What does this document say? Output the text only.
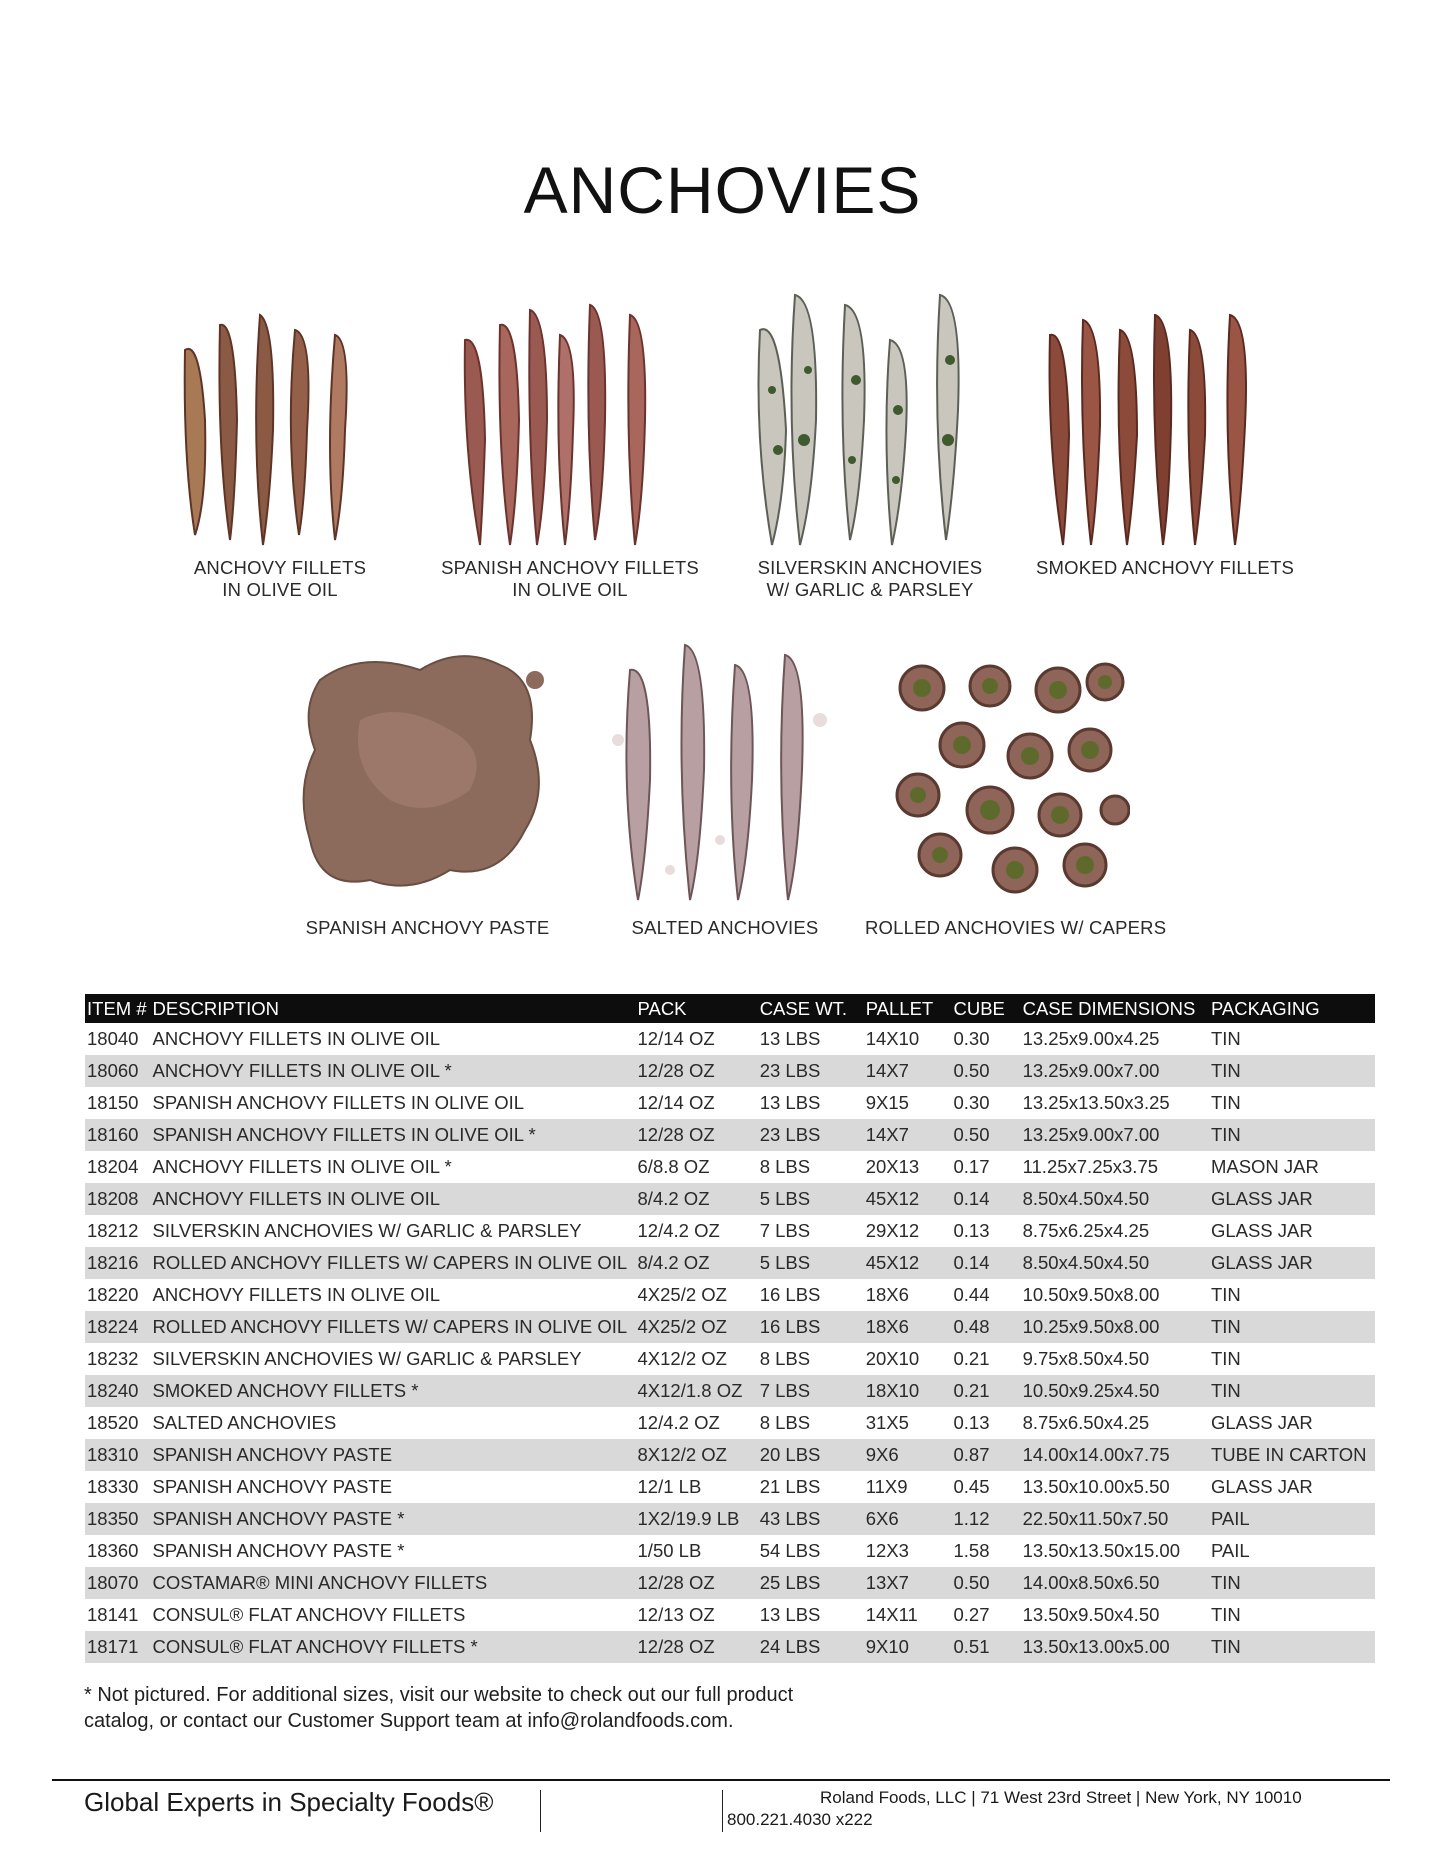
ANCHOVIES
ANCHOVY FILLETS
IN OLIVE OIL
SPANISH ANCHOVY FILLETS
IN OLIVE OIL
SILVERSKIN ANCHOVIES
W/ GARLIC & PARSLEY
SMOKED ANCHOVY FILLETS
SPANISH ANCHOVY PASTE	SALTED ANCHOVIES	ROLLED ANCHOVIES W/ CAPERS
ITEM #	DESCRIPTION	PACK	CASE WT.	PALLET	CUBE	CASE DIMENSIONS	PACKAGING
18040	ANCHOVY FILLETS IN OLIVE OIL	12/14 OZ	13 LBS	14X10	0.30	13.25x9.00x4.25	TIN
18060	ANCHOVY FILLETS IN OLIVE OIL *	12/28 OZ	23 LBS	14X7	0.50	13.25x9.00x7.00	TIN
18150	SPANISH ANCHOVY FILLETS IN OLIVE OIL	12/14 OZ	13 LBS	9X15	0.30	13.25x13.50x3.25	TIN
18160	SPANISH ANCHOVY FILLETS IN OLIVE OIL *	12/28 OZ	23 LBS	14X7	0.50	13.25x9.00x7.00	TIN
18204	ANCHOVY FILLETS IN OLIVE OIL *	6/8.8 OZ	8 LBS	20X13	0.17	11.25x7.25x3.75	MASON JAR
18208	ANCHOVY FILLETS IN OLIVE OIL	8/4.2 OZ	5 LBS	45X12	0.14	8.50x4.50x4.50	GLASS JAR
18212	SILVERSKIN ANCHOVIES W/ GARLIC & PARSLEY	12/4.2 OZ	7 LBS	29X12	0.13	8.75x6.25x4.25	GLASS JAR
18216	ROLLED ANCHOVY FILLETS W/ CAPERS IN OLIVE OIL	8/4.2 OZ	5 LBS	45X12	0.14	8.50x4.50x4.50	GLASS JAR
18220	ANCHOVY FILLETS IN OLIVE OIL	4X25/2 OZ	16 LBS	18X6	0.44	10.50x9.50x8.00	TIN
18224	ROLLED ANCHOVY FILLETS W/ CAPERS IN OLIVE OIL	4X25/2 OZ	16 LBS	18X6	0.48	10.25x9.50x8.00	TIN
18232	SILVERSKIN ANCHOVIES W/ GARLIC & PARSLEY	4X12/2 OZ	8 LBS	20X10	0.21	9.75x8.50x4.50	TIN
18240	SMOKED ANCHOVY FILLETS *	4X12/1.8 OZ	7 LBS	18X10	0.21	10.50x9.25x4.50	TIN
18520	SALTED ANCHOVIES	12/4.2 OZ	8 LBS	31X5	0.13	8.75x6.50x4.25	GLASS JAR
18310	SPANISH ANCHOVY PASTE	8X12/2 OZ	20 LBS	9X6	0.87	14.00x14.00x7.75	TUBE IN CARTON
18330	SPANISH ANCHOVY PASTE	12/1 LB	21 LBS	11X9	0.45	13.50x10.00x5.50	GLASS JAR
18350	SPANISH ANCHOVY PASTE *	1X2/19.9 LB	43 LBS	6X6	1.12	22.50x11.50x7.50	PAIL
18360	SPANISH ANCHOVY PASTE *	1/50 LB	54 LBS	12X3	1.58	13.50x13.50x15.00	PAIL
18070	COSTAMAR® MINI ANCHOVY FILLETS	12/28 OZ	25 LBS	13X7	0.50	14.00x8.50x6.50	TIN
18141	CONSUL® FLAT ANCHOVY FILLETS	12/13 OZ	13 LBS	14X11	0.27	13.50x9.50x4.50	TIN
18171	CONSUL® FLAT ANCHOVY FILLETS *	12/28 OZ	24 LBS	9X10	0.51	13.50x13.00x5.00	TIN
* Not pictured. For additional sizes, visit our website to check out our full product
catalog, or contact our Customer Support team at info@rolandfoods.com.
Global Experts in Specialty Foods®	Roland Foods, LLC | 71 West 23rd Street | New York, NY 10010
800.221.4030 x222
